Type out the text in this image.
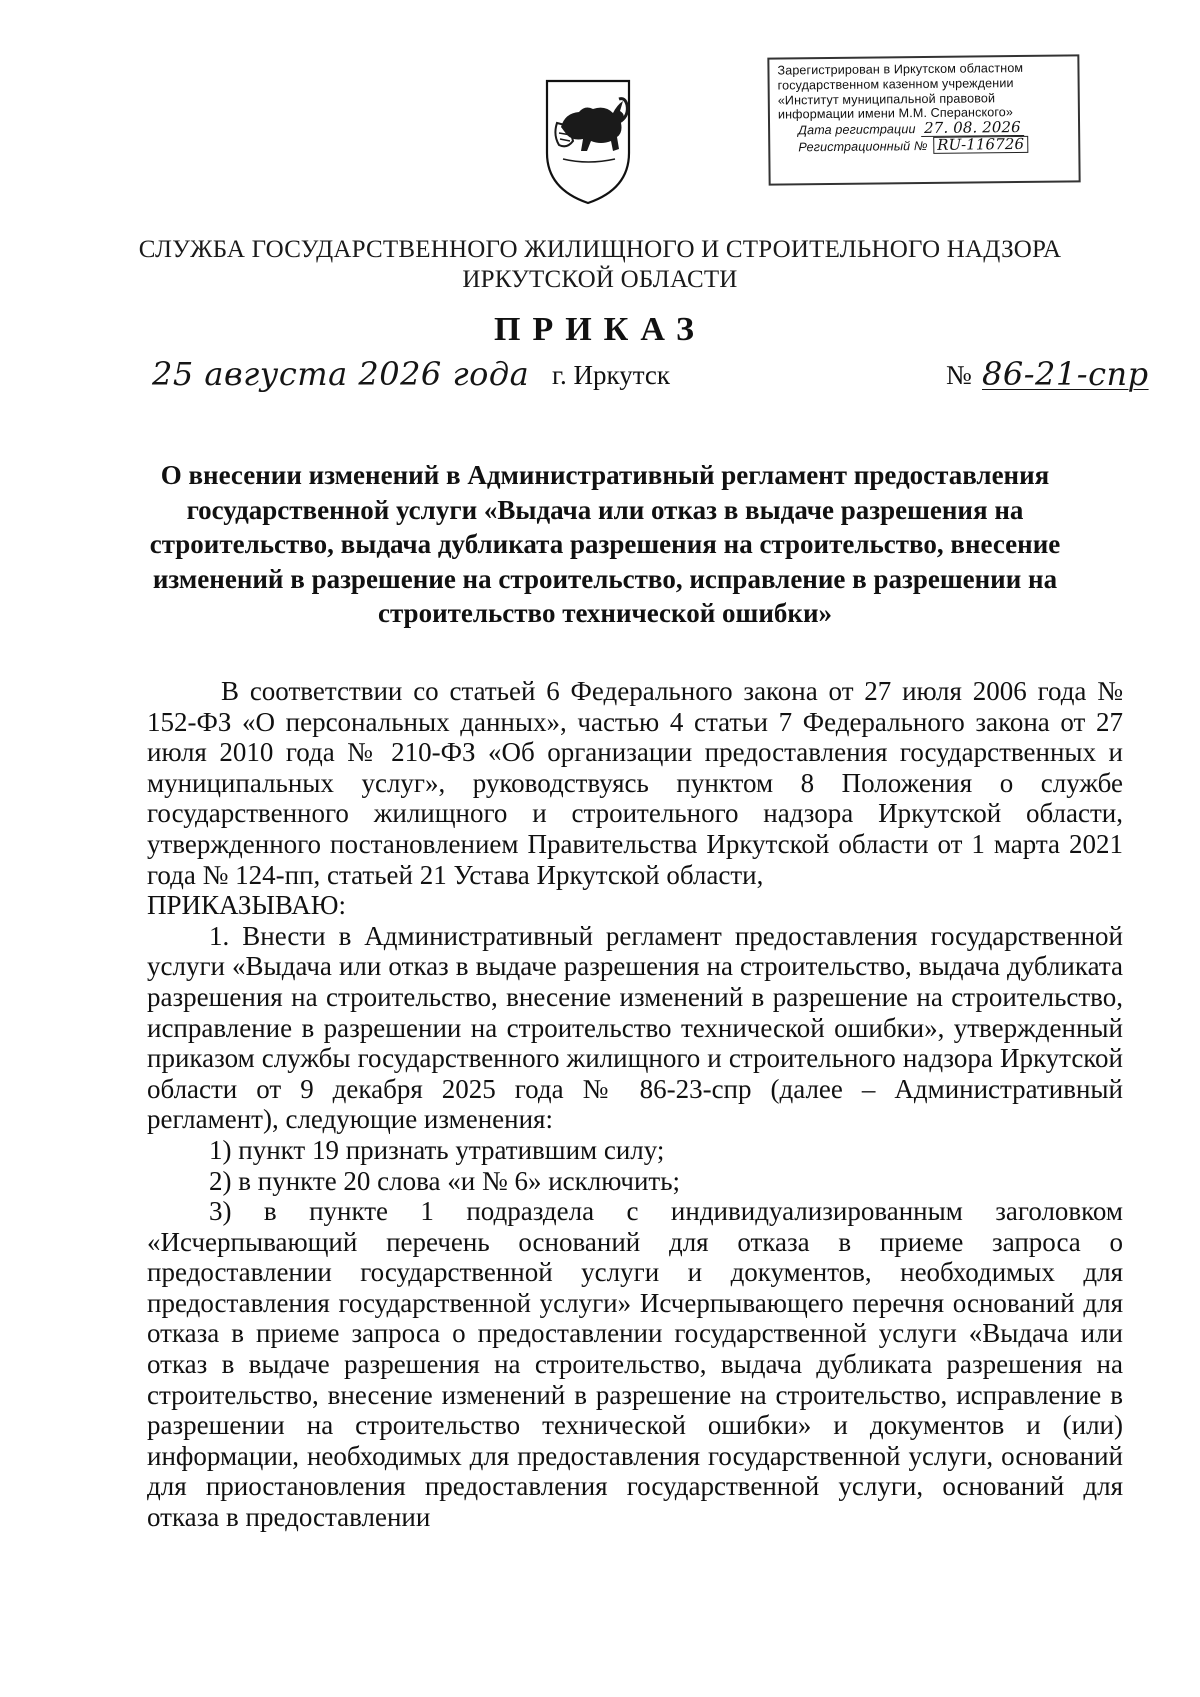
Зарегистрирован в Иркутском областном
государственном казенном учреждении
«Институт муниципальной правовой
информации имени М.М. Сперанского»
Дата регистрации 27. 08. 2026
Регистрационный № RU-116726
СЛУЖБА ГОСУДАРСТВЕННОГО ЖИЛИЩНОГО И СТРОИТЕЛЬНОГО НАДЗОРА
ИРКУТСКОЙ ОБЛАСТИ
ПРИКАЗ
25 августа 2026 года г. Иркутск	№ 86-21-спр
О внесении изменений в Административный регламент предоставления государственной услуги «Выдача или отказ в выдаче разрешения на строительство, выдача дубликата разрешения на строительство, внесение изменений в разрешение на строительство, исправление в разрешении на строительство технической ошибки»

В соответствии со статьей 6 Федерального закона от 27 июля 2006 года № 152-ФЗ «О персональных данных», частью 4 статьи 7 Федерального закона от 27 июля 2010 года № 210-ФЗ «Об организации предоставления государственных и муниципальных услуг», руководствуясь пунктом 8 Положения о службе государственного жилищного и строительного надзора Иркутской области, утвержденного постановлением Правительства Иркутской области от 1 марта 2021 года № 124-пп, статьей 21 Устава Иркутской области,

ПРИКАЗЫВАЮ:

1. Внести в Административный регламент предоставления государственной услуги «Выдача или отказ в выдаче разрешения на строительство, выдача дубликата разрешения на строительство, внесение изменений в разрешение на строительство, исправление в разрешении на строительство технической ошибки», утвержденный приказом службы государственного жилищного и строительного надзора Иркутской области от 9 декабря 2025 года № 86-23-спр (далее – Административный регламент), следующие изменения:

1) пункт 19 признать утратившим силу;

2) в пункте 20 слова «и № 6» исключить;

3) в пункте 1 подраздела с индивидуализированным заголовком «Исчерпывающий перечень оснований для отказа в приеме запроса о предоставлении государственной услуги и документов, необходимых для предоставления государственной услуги» Исчерпывающего перечня оснований для отказа в приеме запроса о предоставлении государственной услуги «Выдача или отказ в выдаче разрешения на строительство, выдача дубликата разрешения на строительство, внесение изменений в разрешение на строительство, исправление в разрешении на строительство технической ошибки» и документов и (или) информации, необходимых для предоставления государственной услуги, оснований для приостановления предоставления государственной услуги, оснований для отказа в предоставлении
